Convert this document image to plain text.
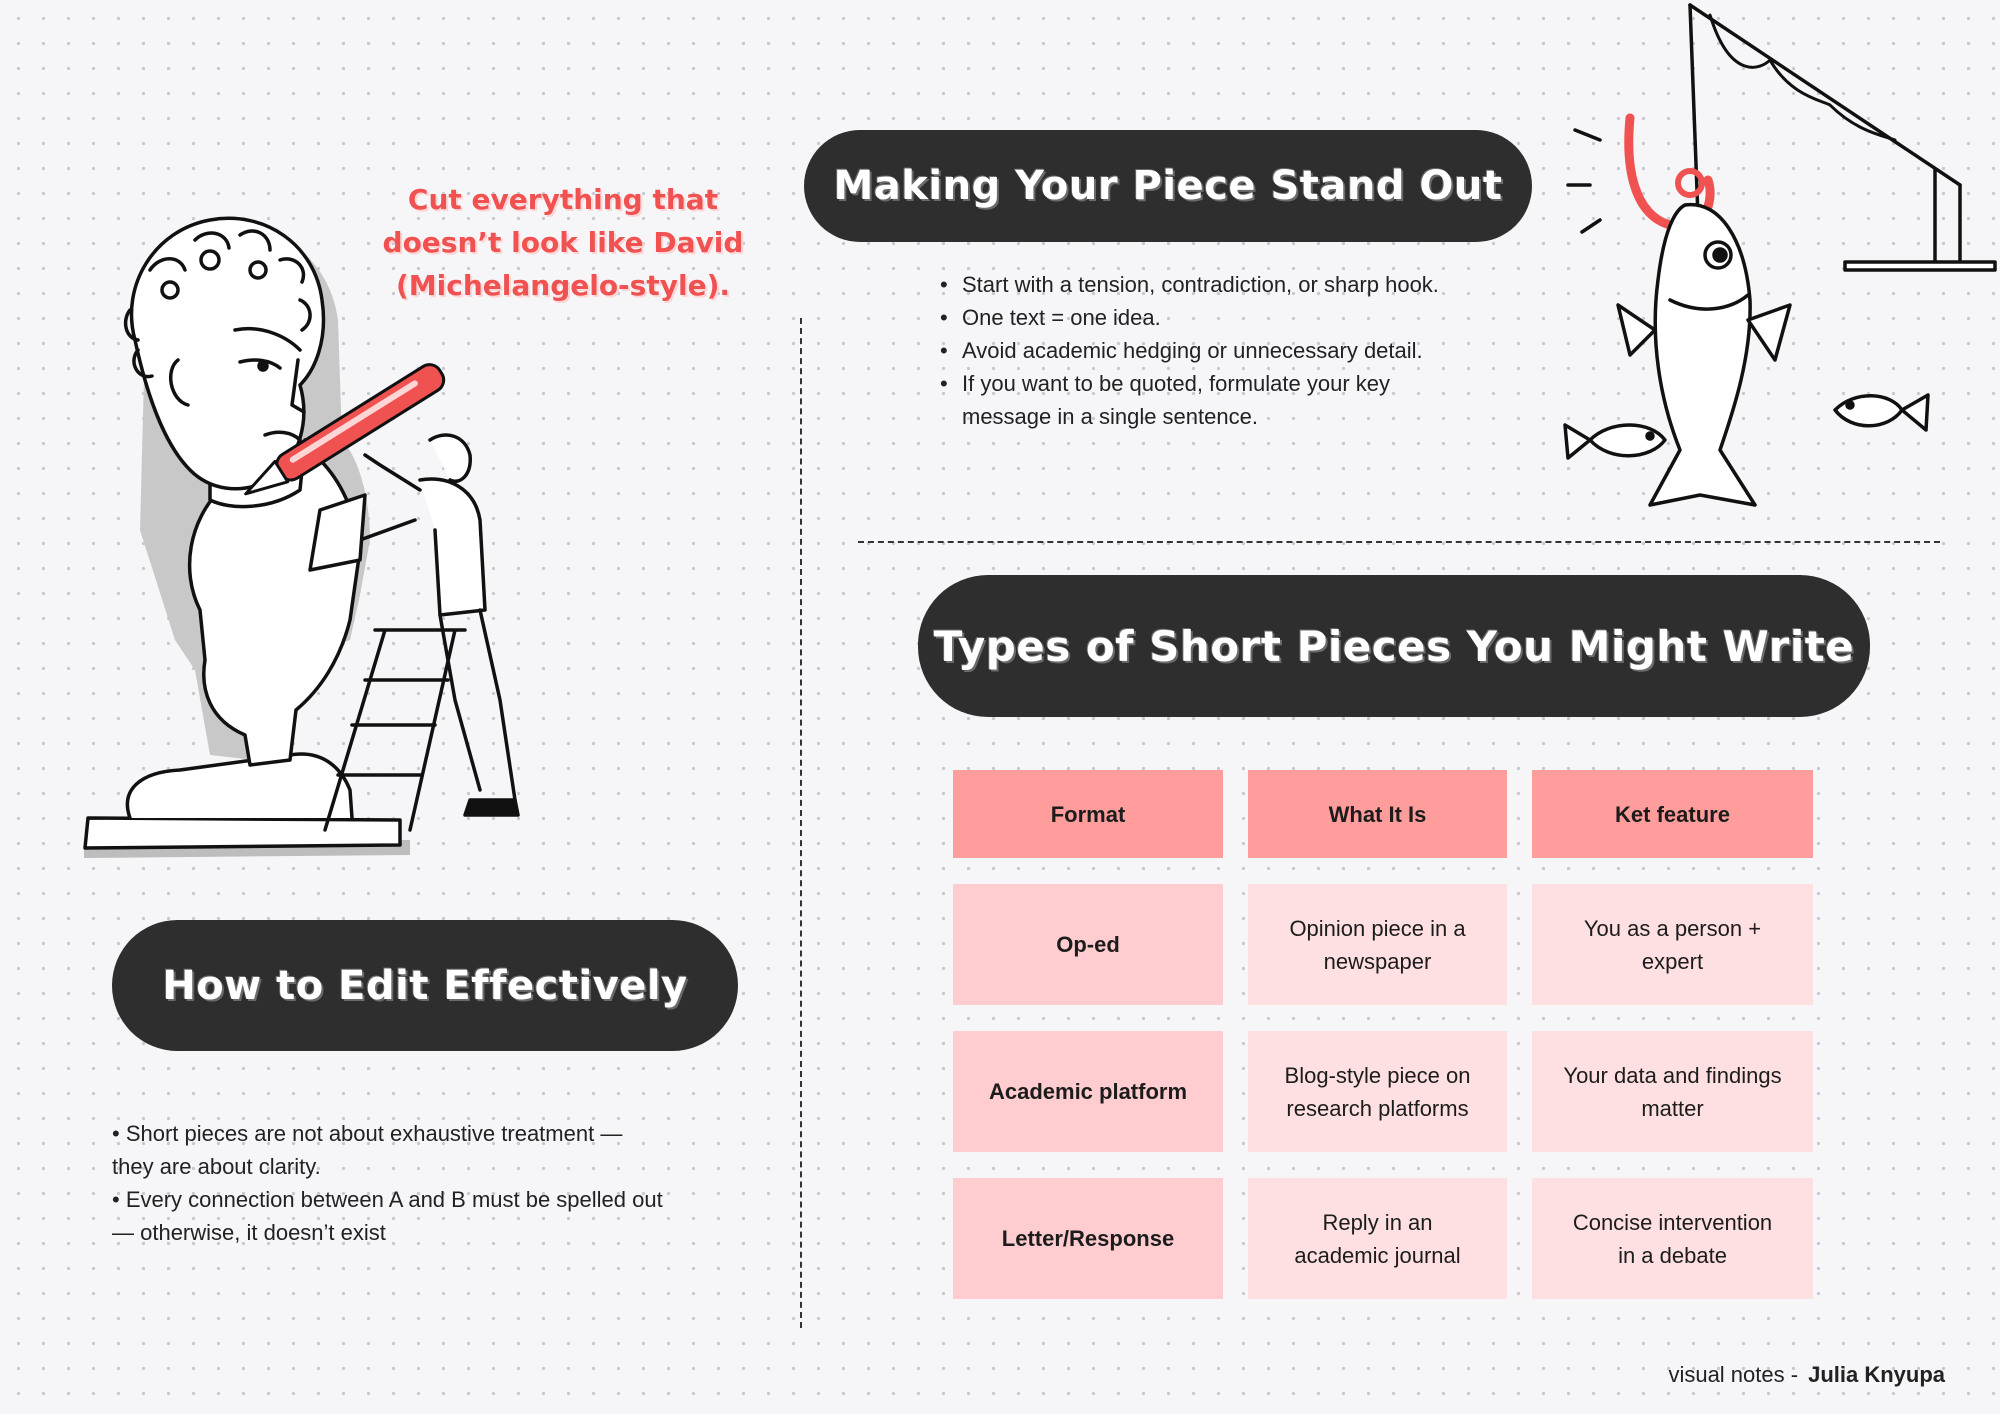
Cut everything that
doesn’t look like David
(Michelangelo-style).
Making Your Piece Stand Out
• Start with a tension, contradiction, or sharp hook.
• One text = one idea.
• Avoid academic hedging or unnecessary detail.
• If you want to be quoted, formulate your key message in a single sentence.
How to Edit Effectively

• Short pieces are not about exhaustive treatment —

they are about clarity.

• Every connection between A and B must be spelled out

— otherwise, it doesn’t exist

Types of Short Pieces You Might Write
Format	What It Is	Ket feature
Op-ed
Opinion piece in a newspaper
You as a person + expert
Academic platform
Blog-style piece on research platforms
Your data and findings matter
Letter/Response
Reply in an academic journal
Concise intervention in a debate
visual notes - Julia Knyupa
